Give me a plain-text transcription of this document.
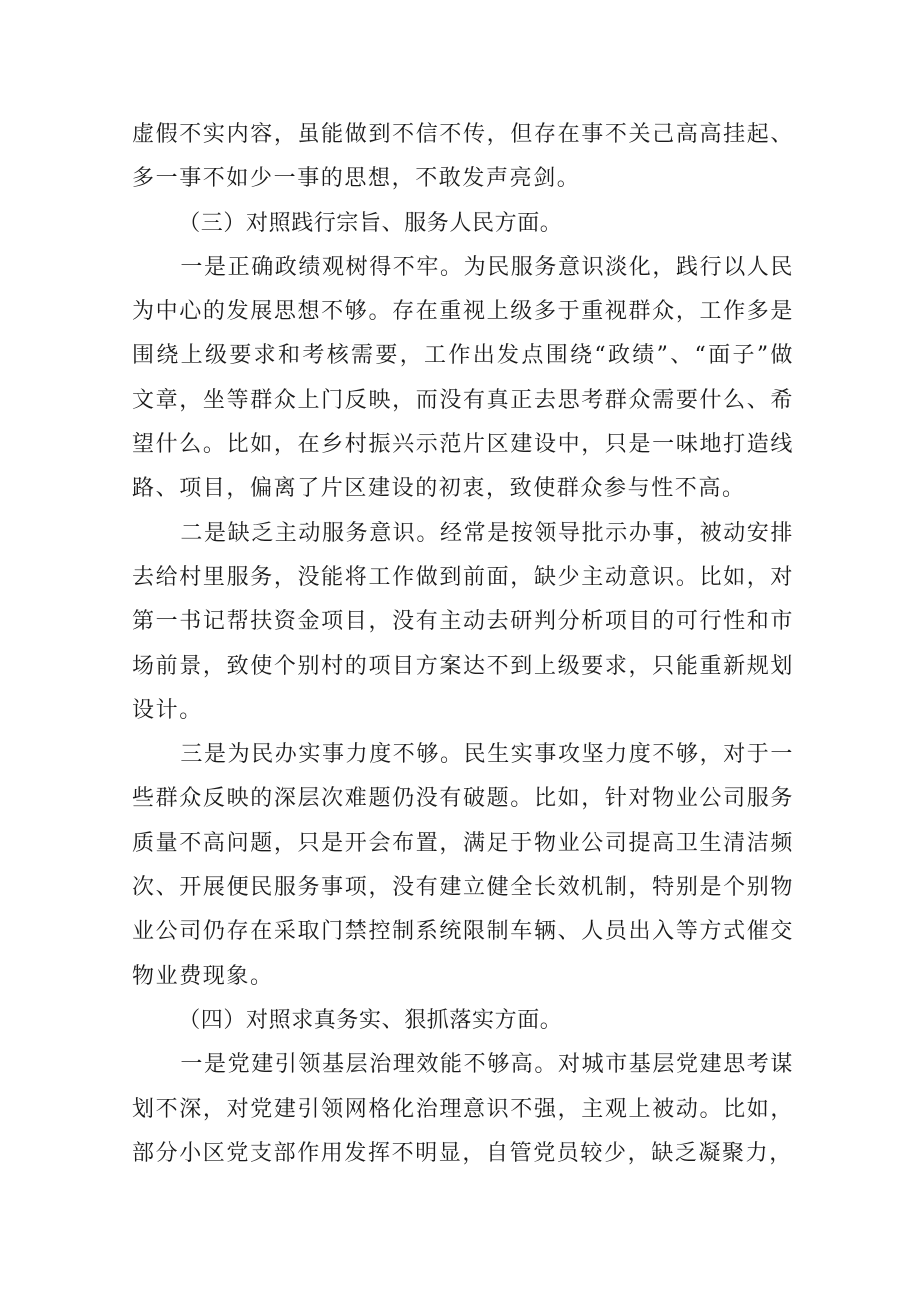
虚假不实内容，虽能做到不信不传，但存在事不关己高高挂起、多一事不如少一事的思想，不敢发声亮剑。

（三）对照践行宗旨、服务人民方面。

一是正确政绩观树得不牢。为民服务意识淡化，践行以人民为中心的发展思想不够。存在重视上级多于重视群众，工作多是围绕上级要求和考核需要，工作出发点围绕“政绩”、“面子”做文章，坐等群众上门反映，而没有真正去思考群众需要什么、希望什么。比如，在乡村振兴示范片区建设中，只是一味地打造线路、项目，偏离了片区建设的初衷，致使群众参与性不高。

二是缺乏主动服务意识。经常是按领导批示办事，被动安排去给村里服务，没能将工作做到前面，缺少主动意识。比如，对第一书记帮扶资金项目，没有主动去研判分析项目的可行性和市场前景，致使个别村的项目方案达不到上级要求，只能重新规划设计。

三是为民办实事力度不够。民生实事攻坚力度不够，对于一些群众反映的深层次难题仍没有破题。比如，针对物业公司服务质量不高问题，只是开会布置，满足于物业公司提高卫生清洁频次、开展便民服务事项，没有建立健全长效机制，特别是个别物业公司仍存在采取门禁控制系统限制车辆、人员出入等方式催交物业费现象。

（四）对照求真务实、狠抓落实方面。

一是党建引领基层治理效能不够高。对城市基层党建思考谋划不深，对党建引领网格化治理意识不强，主观上被动。比如，部分小区党支部作用发挥不明显，自管党员较少，缺乏凝聚力，
